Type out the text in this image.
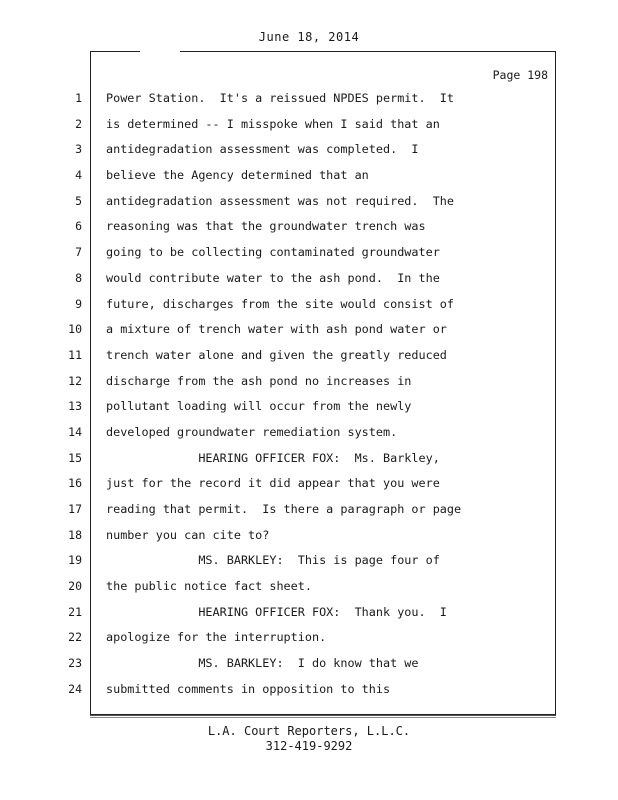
June 18, 2014
Page 198
1
2
3
4
5
6
7
8
9
10
11
12
13
14
15
16
17
18
19
20
21
22
23
24
Power Station.  It's a reissued NPDES permit.  It
is determined -- I misspoke when I said that an
antidegradation assessment was completed.  I
believe the Agency determined that an
antidegradation assessment was not required.  The
reasoning was that the groundwater trench was
going to be collecting contaminated groundwater
would contribute water to the ash pond.  In the
future, discharges from the site would consist of
a mixture of trench water with ash pond water or
trench water alone and given the greatly reduced
discharge from the ash pond no increases in
pollutant loading will occur from the newly
developed groundwater remediation system.
HEARING OFFICER FOX:  Ms. Barkley,
just for the record it did appear that you were
reading that permit.  Is there a paragraph or page
number you can cite to?
MS. BARKLEY:  This is page four of
the public notice fact sheet.
HEARING OFFICER FOX:  Thank you.  I
apologize for the interruption.
MS. BARKLEY:  I do know that we
submitted comments in opposition to this
L.A. Court Reporters, L.L.C.
312-419-9292
